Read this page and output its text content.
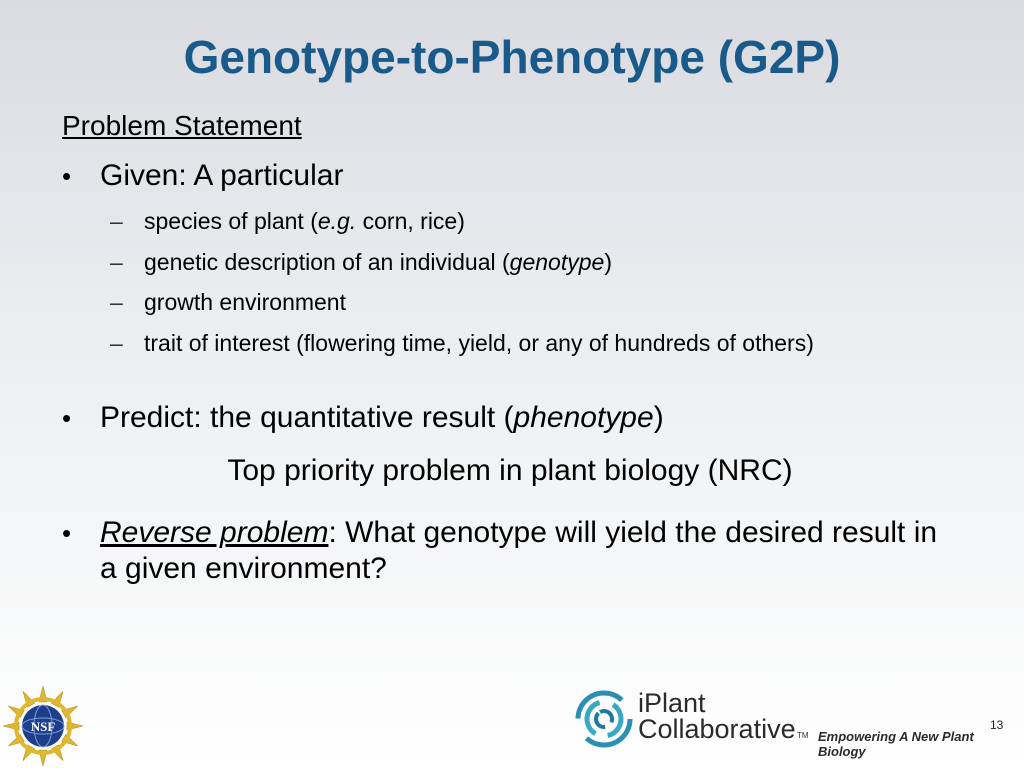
Genotype-to-Phenotype (G2P)
Problem Statement
• Given: A particular
– species of plant (e.g. corn, rice)
– genetic description of an individual (genotype)
– growth environment
– trait of interest (flowering time, yield, or any of hundreds of others)
• Predict: the quantitative result (phenotype)
Top priority problem in plant biology (NRC)
• Reverse problem: What genotype will yield the desired result in a given environment?
NSF
iPlant
Collaborative TM Empowering A New Plant Biology
13
